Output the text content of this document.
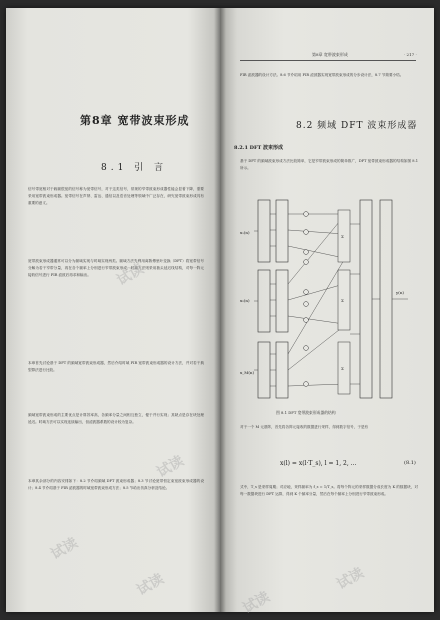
第8章 宽带波束形成
8.1 引 言
信号带宽相对于载频很宽的信号称为宽带信号，对于这类信号，常规的窄带波束形成器性能会显著下降，需要采用宽带波束形成器。宽带信号在声纳、雷达、通信以及语音处理等领域中广泛存在，研究宽带波束形成具有重要的意义。
宽带波束形成器通常可以分为频域实现与时域实现两类。频域方法先利用离散傅里叶变换（DFT）将宽带信号分解为若干窄带分量，再在各个频率上分别进行窄带波束形成；时域方法则采用抽头延迟线结构，对每一阵元接收信号进行 FIR 滤波后再求和输出。
本章首先讨论基于 DFT 的频域宽带波束形成器，然后介绍时域 FIR 宽带波束形成器的设计方法，并对若干典型算法进行比较。
频域宽带波束形成的主要优点是计算效率高，各频率分量之间相互独立，便于并行实现；其缺点是存在块处理延迟。时域方法可以实现连续输出，但滤波器系数的设计较为复杂。
本章其余部分的内容安排如下：8.2 节介绍频域 DFT 波束形成器；8.3 节讨论宽带恒定束宽波束形成器的设计；8.4 节介绍基于 FIR 滤波器的时域宽带波束形成方法；8.5 节给出仿真分析及结论。
第8章 宽带波束形成	· 217 ·
FIR 滤波器的设计方法。8.6 节介绍用 FIR 滤波器实现宽带波束形成的分步设计法，8.7 节简要小结。
8.2 频域 DFT 波束形成器
8.2.1 DFT 波束形成
基于 DFT 的频域波束形成方法比较简单，它是窄带波束形成的简单推广，DFT 宽带波束形成器的结构如图 8.1 所示。
x₁(n)
x₂(n)
x_M(n)
Σ
Σ
Σ
y(n)
图 8.1 DFT 宽带波束形成器的结构
对于一个 M 元基阵，首先将各阵元接收的数据进行采样，得到数字信号，于是有
x(l) = x(l·T_s), l = 1, 2, …	(8.1)
式中，T_s 是采样周期；对应地，采样频率为 f_s = 1/T_s。将每个阵元的采样数据分成长度为 K 的数据块，对每一数据块进行 DFT 运算，得到 K 个频率分量，然后在每个频率上分别进行窄带波束形成。
试读
试读
试读
试读
试读
试读
